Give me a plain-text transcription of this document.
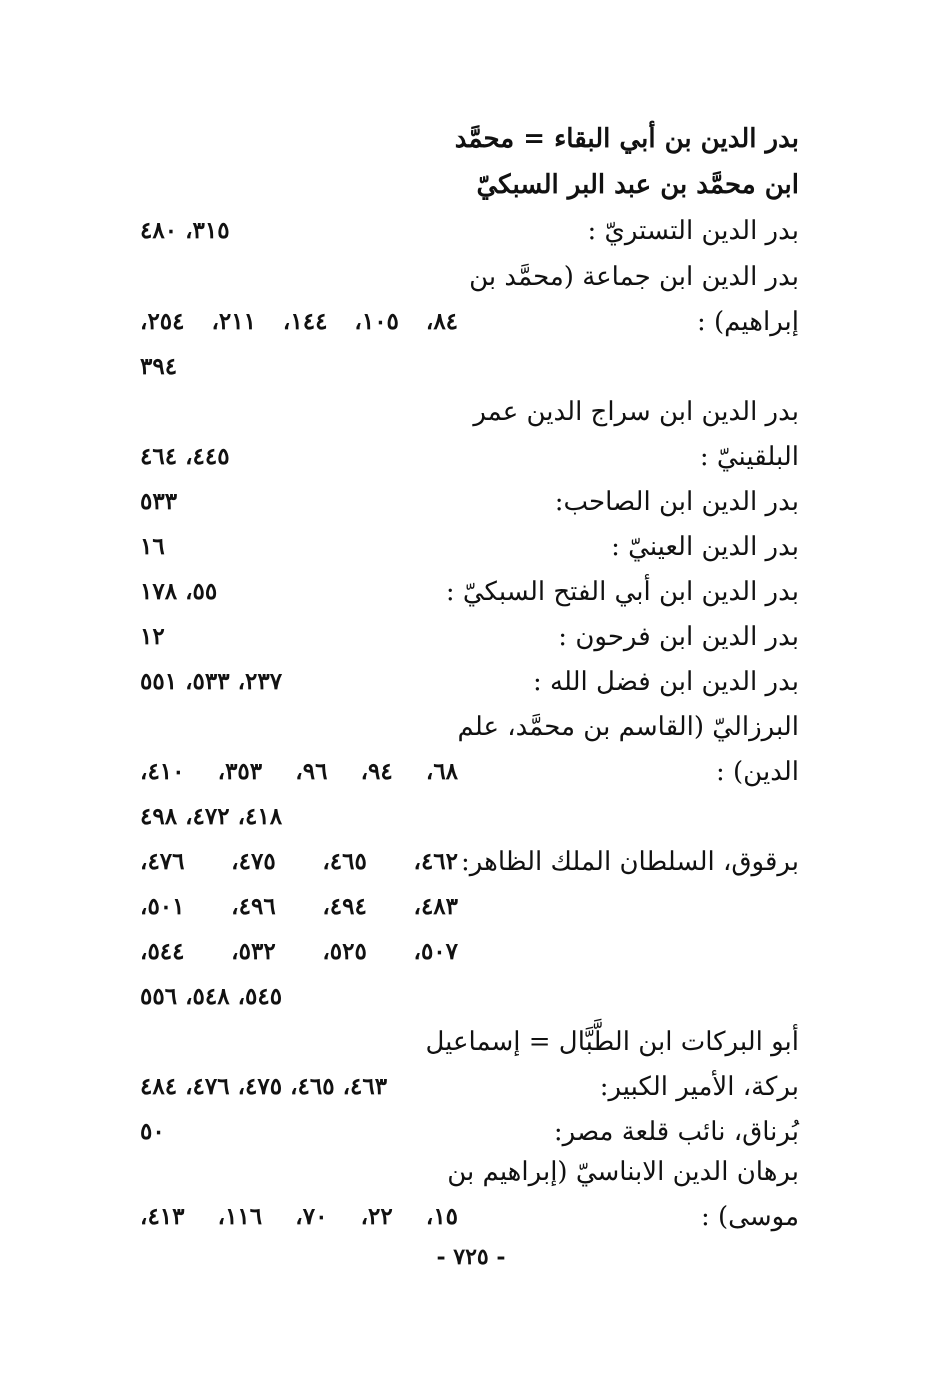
بدر الدين بن أبي البقاء = محمَّد
ابن محمَّد بن عبد البر السبكيّ
بدر الدين التستريّ :
٣١٥، ٤٨٠
بدر الدين ابن جماعة (محمَّد بن
إبراهيم) :
٨٤، ١٠٥، ١٤٤، ٢١١، ٢٥٤،
٣٩٤
بدر الدين ابن سراج الدين عمر
البلقينيّ :
٤٤٥، ٤٦٤
بدر الدين ابن الصاحب:
٥٣٣
بدر الدين العينيّ :
١٦
بدر الدين ابن أبي الفتح السبكيّ :
٥٥، ١٧٨
بدر الدين ابن فرحون :
١٢
بدر الدين ابن فضل الله :
٢٣٧، ٥٣٣، ٥٥١
البرزاليّ (القاسم بن محمَّد، علم
الدين) :
٦٨، ٩٤، ٩٦، ٣٥٣، ٤١٠،
٤١٨، ٤٧٢، ٤٩٨
برقوق، السلطان الملك الظاهر:
٤٦٢، ٤٦٥، ٤٧٥، ٤٧٦،
٤٨٣، ٤٩٤، ٤٩٦، ٥٠١،
٥٠٧، ٥٢٥، ٥٣٢، ٥٤٤،
٥٤٥، ٥٤٨، ٥٥٦
أبو البركات ابن الطَّبَّال = إسماعيل
بركة، الأمير الكبير:
٤٦٣، ٤٦٥، ٤٧٥، ٤٧٦، ٤٨٤
بُرناق، نائب قلعة مصر:
٥٠
برهان الدين الابناسيّ (إبراهيم بن
موسى) :
١٥، ٢٢، ٧٠، ١١٦، ٤١٣،
- ٧٢٥ -
